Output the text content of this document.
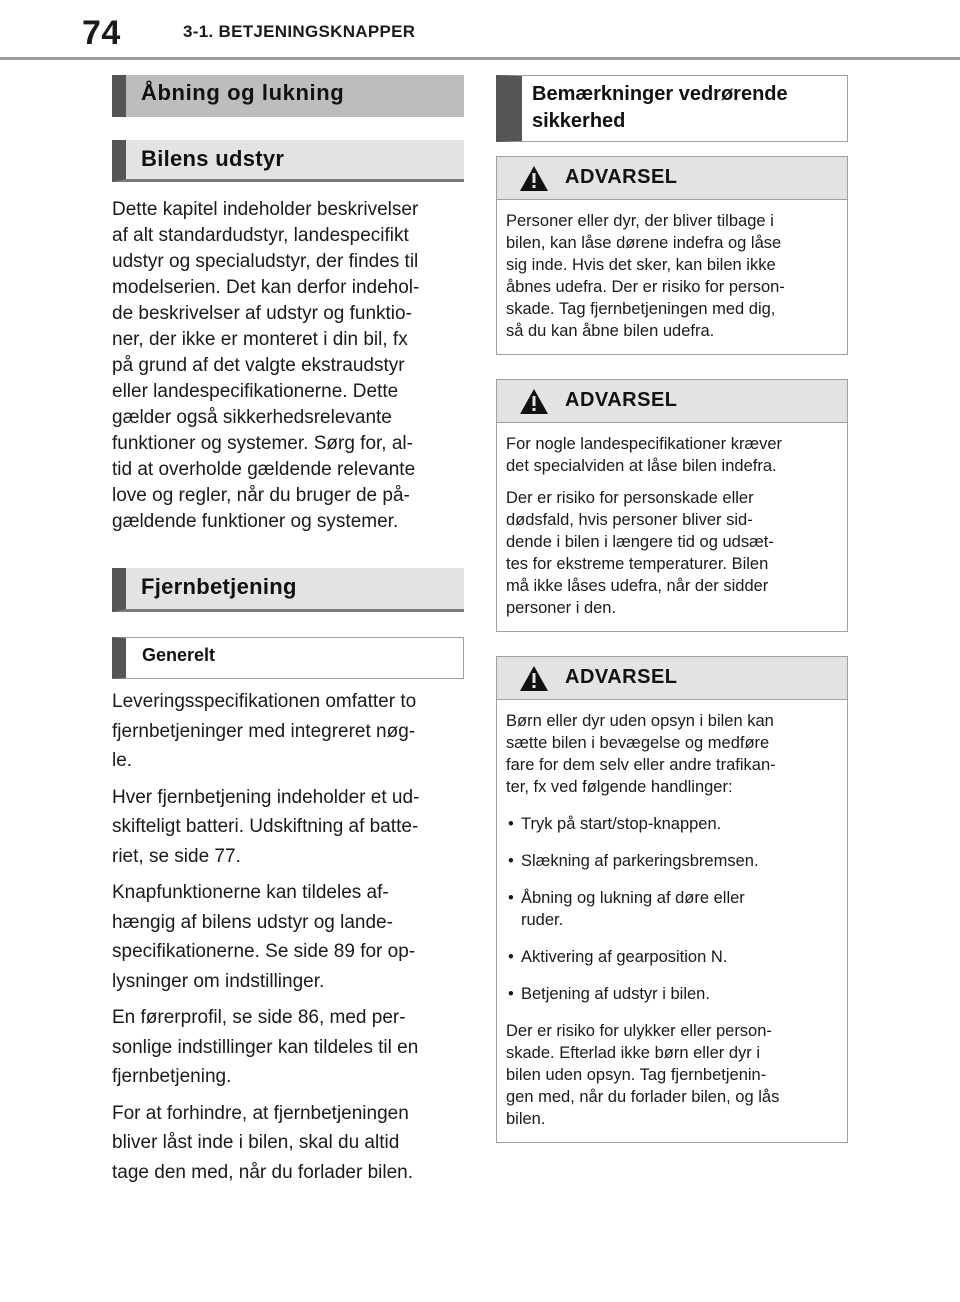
74	3-1. BETJENINGSKNAPPER
Åbning og lukning
Bilens udstyr
Dette kapitel indeholder beskrivelser
af alt standardudstyr, landespecifikt
udstyr og specialudstyr, der findes til
modelserien. Det kan derfor indehol-
de beskrivelser af udstyr og funktio-
ner, der ikke er monteret i din bil, fx
på grund af det valgte ekstraudstyr
eller landespecifikationerne. Dette
gælder også sikkerhedsrelevante
funktioner og systemer. Sørg for, al-
tid at overholde gældende relevante
love og regler, når du bruger de på-
gældende funktioner og systemer.
Fjernbetjening
Generelt
Leveringsspecifikationen omfatter to
fjernbetjeninger med integreret nøg-
le.
Hver fjernbetjening indeholder et ud-
skifteligt batteri. Udskiftning af batte-
riet, se side 77.
Knapfunktionerne kan tildeles af-
hængig af bilens udstyr og lande-
specifikationerne. Se side 89 for op-
lysninger om indstillinger.
En førerprofil, se side 86, med per-
sonlige indstillinger kan tildeles til en
fjernbetjening.
For at forhindre, at fjernbetjeningen
bliver låst inde i bilen, skal du altid
tage den med, når du forlader bilen.
Bemærkninger vedrørende
sikkerhed
ADVARSEL

Personer eller dyr, der bliver tilbage i
bilen, kan låse dørene indefra og låse
sig inde. Hvis det sker, kan bilen ikke
åbnes udefra. Der er risiko for person-
skade. Tag fjernbetjeningen med dig,
så du kan åbne bilen udefra.

ADVARSEL

For nogle landespecifikationer kræver
det specialviden at låse bilen indefra.

Der er risiko for personskade eller
dødsfald, hvis personer bliver sid-
dende i bilen i længere tid og udsæt-
tes for ekstreme temperaturer. Bilen
må ikke låses udefra, når der sidder
personer i den.

ADVARSEL

Børn eller dyr uden opsyn i bilen kan
sætte bilen i bevægelse og medføre
fare for dem selv eller andre trafikan-
ter, fx ved følgende handlinger:

• Tryk på start/stop-knappen.
• Slækning af parkeringsbremsen.
• Åbning og lukning af døre eller
ruder.
• Aktivering af gearposition N.
• Betjening af udstyr i bilen.

Der er risiko for ulykker eller person-
skade. Efterlad ikke børn eller dyr i
bilen uden opsyn. Tag fjernbetjenin-
gen med, når du forlader bilen, og lås
bilen.
